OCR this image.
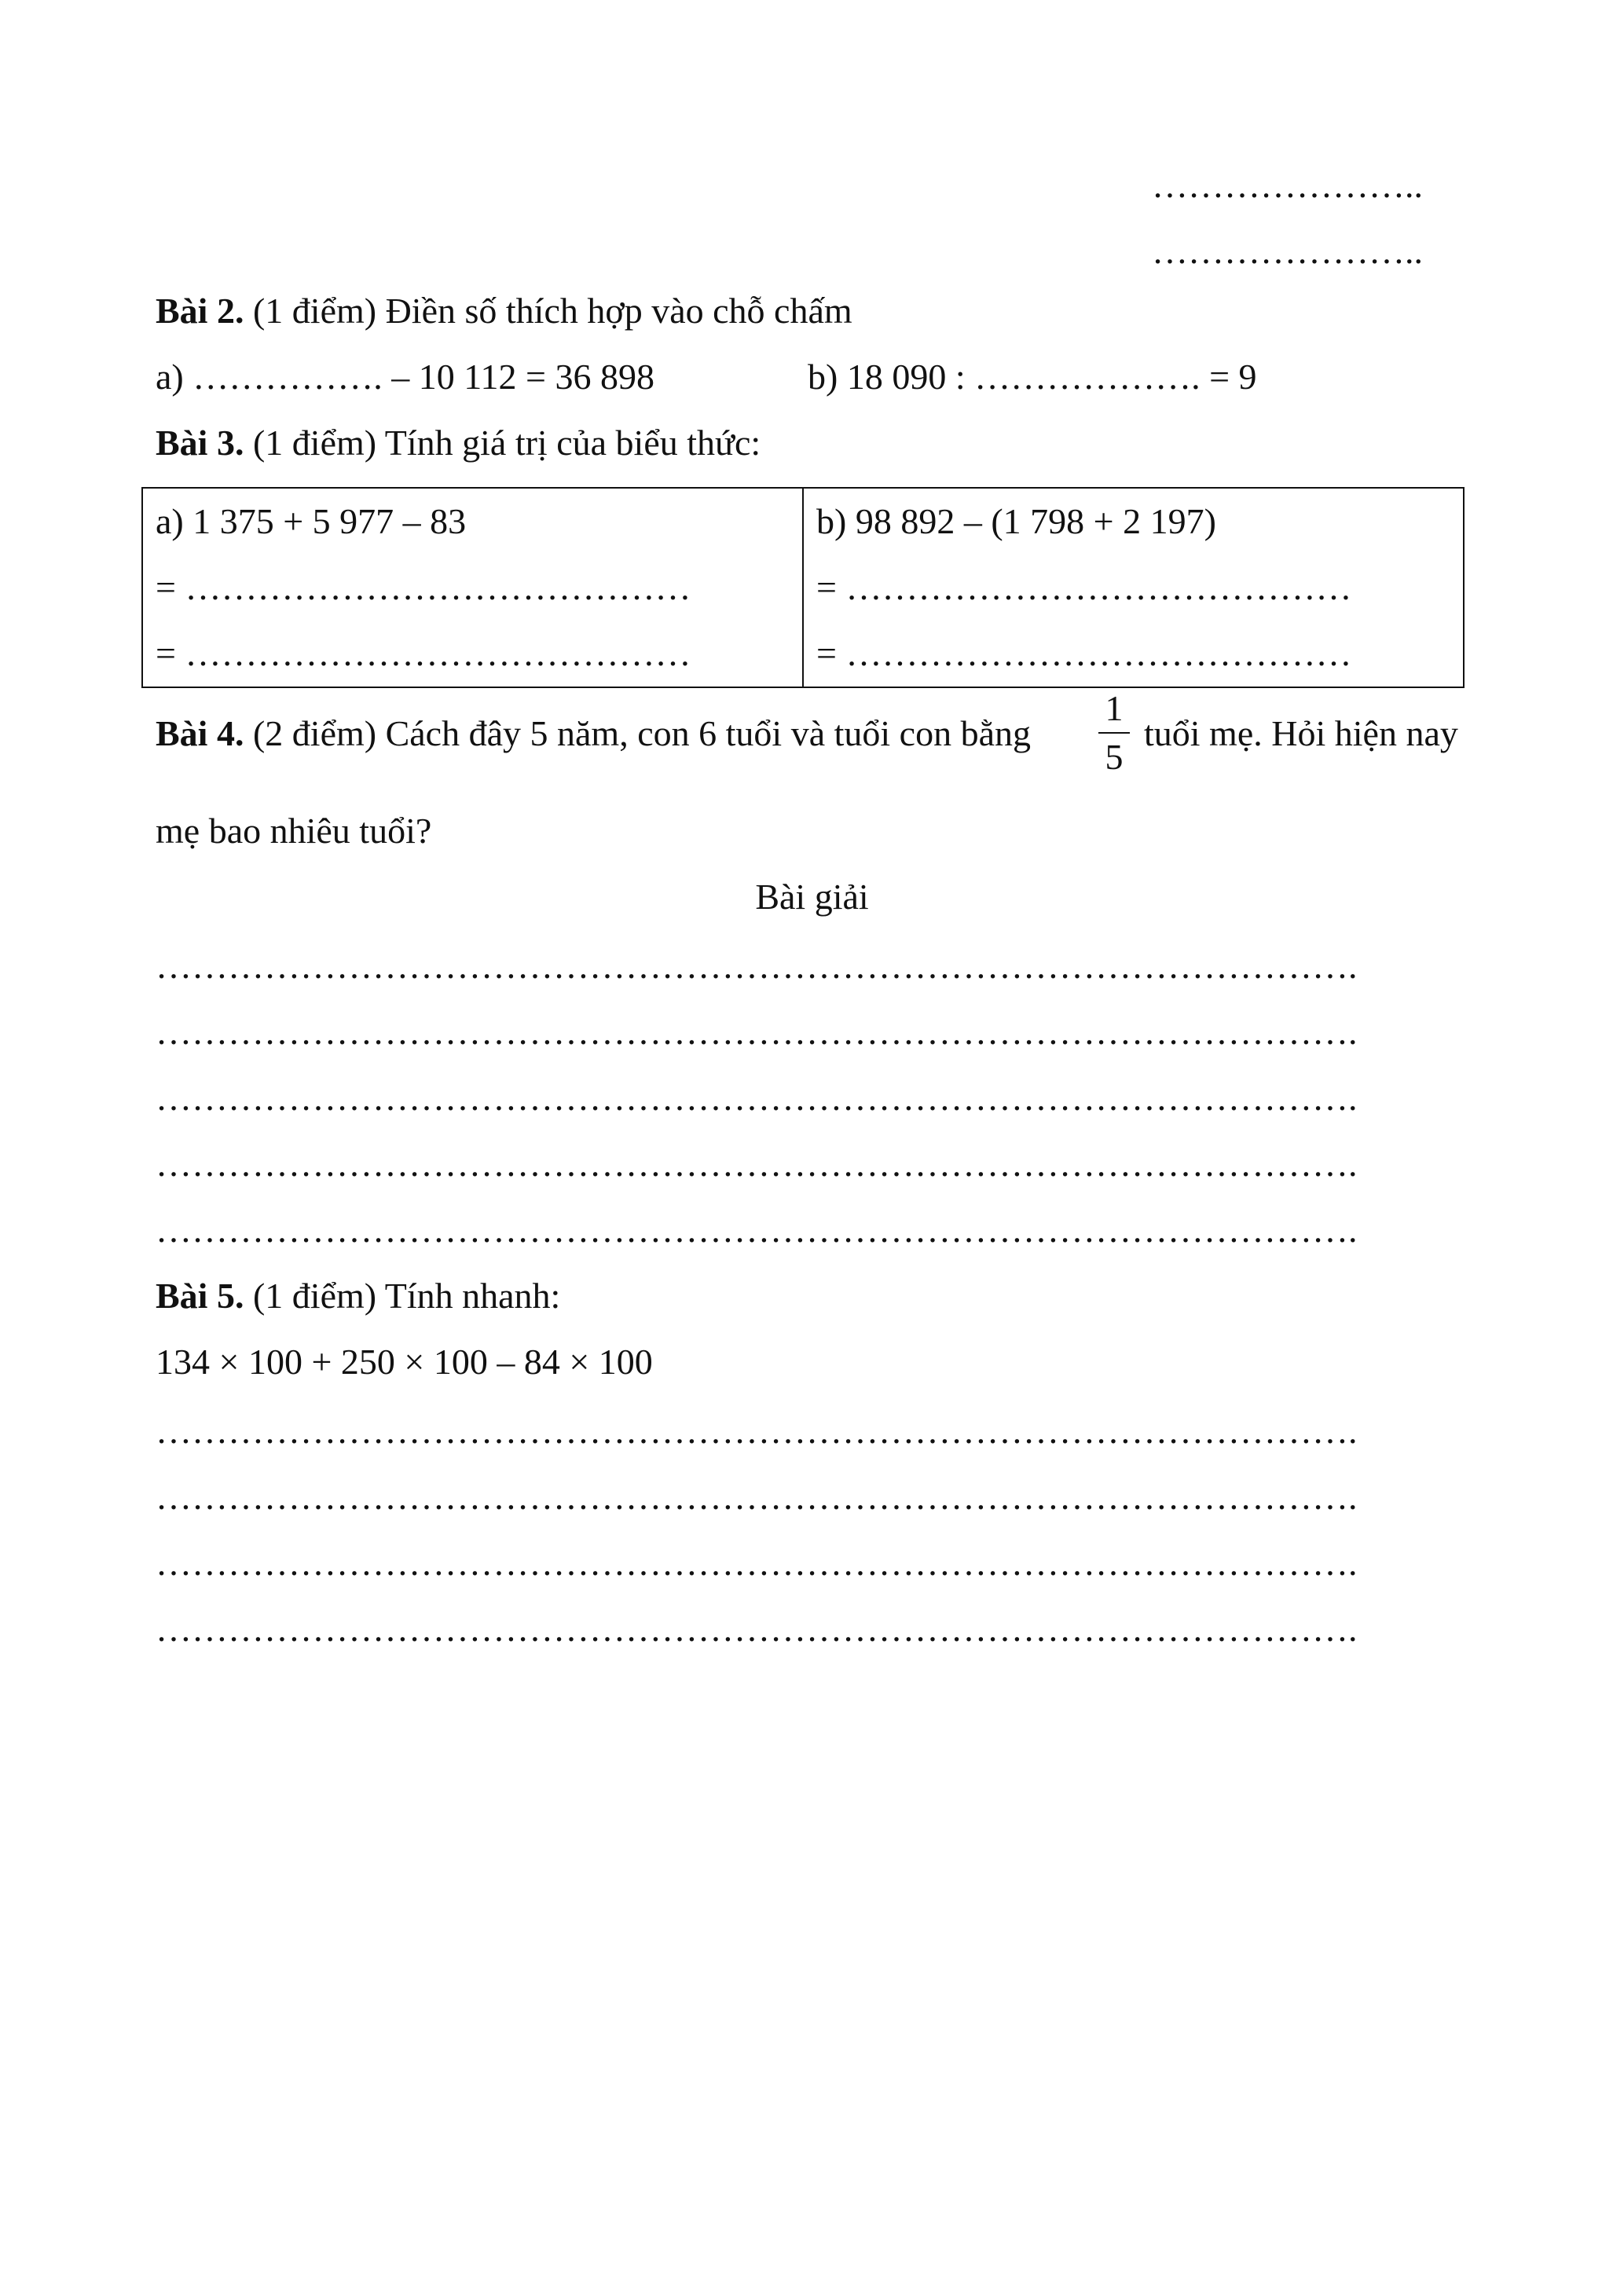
…………………..
…………………..
Bài 2. (1 điểm) Điền số thích hợp vào chỗ chấm
a) ……………. – 10 112 = 36 898	b) 18 090 : ………………. = 9
Bài 3. (1 điểm) Tính giá trị của biểu thức:
a) 1 375 + 5 977 – 83
= ……………………………………
= ……………………………………

b) 98 892 – (1 798 + 2 197)
= ……………………………………
= ……………………………………
Bài 4. (2 điểm) Cách đây 5 năm, con 6 tuổi và tuổi con bằng
1
5
tuổi mẹ. Hỏi hiện nay
mẹ bao nhiêu tuổi?
Bài giải
……………………………………………………………………………………….
……………………………………………………………………………………….
……………………………………………………………………………………….
……………………………………………………………………………………….
……………………………………………………………………………………….
Bài 5. (1 điểm) Tính nhanh:
134 × 100 + 250 × 100 – 84 × 100
……………………………………………………………………………………….
……………………………………………………………………………………….
……………………………………………………………………………………….
……………………………………………………………………………………….
